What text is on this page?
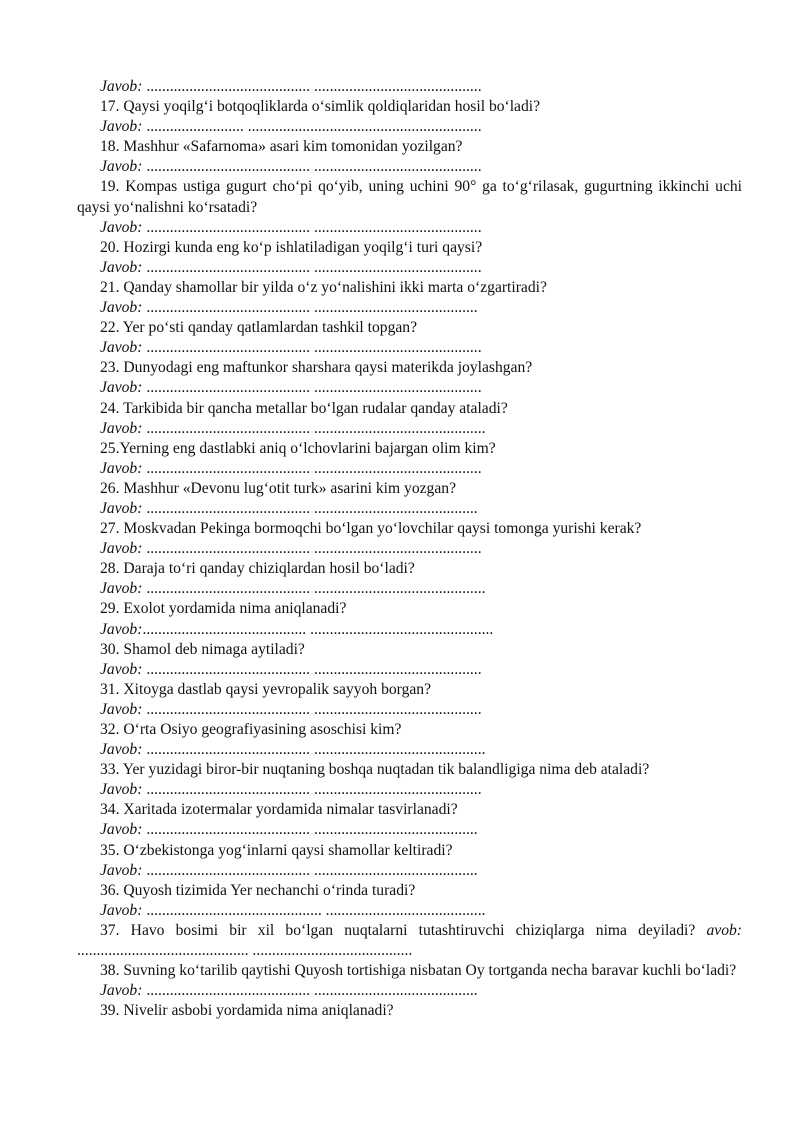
Javob: .......................................... ...........................................
17. Qaysi yoqilg‘i botqoqliklarda o‘simlik qoldiqlaridan hosil bo‘ladi?
Javob: ......................... ............................................................
18. Mashhur «Safarnoma» asari kim tomonidan yozilgan?
Javob: .......................................... ...........................................
19. Kompas ustiga gugurt cho‘pi qo‘yib, uning uchini 90° ga to‘g‘rilasak, gugurtning ikkinchi uchi qaysi yo‘nalishni ko‘rsatadi?
Javob: .......................................... ...........................................
20. Hozirgi kunda eng ko‘p ishlatiladigan yoqilg‘i turi qaysi?
Javob: .......................................... ...........................................
21. Qanday shamollar bir yilda o‘z yo‘nalishini ikki marta o‘zgartiradi?
Javob: .......................................... ..........................................
22. Yer po‘sti qanday qatlamlardan tashkil topgan?
Javob: .......................................... ...........................................
23. Dunyodagi eng maftunkor sharshara qaysi materikda joylashgan?
Javob: .......................................... ...........................................
24. Tarkibida bir qancha metallar bo‘lgan rudalar qanday ataladi?
Javob: .......................................... ............................................
25.Yerning eng dastlabki aniq o‘lchovlarini bajargan olim kim?
Javob: .......................................... ...........................................
26. Mashhur «Devonu lug‘otit turk» asarini kim yozgan?
Javob: .......................................... ..........................................
27. Moskvadan Pekinga bormoqchi bo‘lgan yo‘lovchilar qaysi tomonga yurishi kerak?
Javob: .......................................... ...........................................
28. Daraja to‘ri qanday chiziqlardan hosil bo‘ladi?
Javob: .......................................... ............................................
29. Exolot yordamida nima aniqlanadi?
Javob:.......................................... ...............................................
30. Shamol deb nimaga aytiladi?
Javob: .......................................... ...........................................
31. Xitoyga dastlab qaysi yevropalik sayyoh borgan?
Javob: .......................................... ...........................................
32. O‘rta Osiyo geografiyasining asoschisi kim?
Javob: .......................................... ............................................
33. Yer yuzidagi biror-bir nuqtaning boshqa nuqtadan tik balandligiga nima deb ataladi?
Javob: .......................................... ...........................................
34. Xaritada izotermalar yordamida nimalar tasvirlanadi?
Javob: .......................................... ..........................................
35. O‘zbekistonga yog‘inlarni qaysi shamollar keltiradi?
Javob: .......................................... ..........................................
36. Quyosh tizimida Yer nechanchi o‘rinda turadi?
Javob: ............................................. .........................................
37. Havo bosimi bir xil bo‘lgan nuqtalarni tutashtiruvchi chiziqlarga nima deyiladi? avob: ............................................ .........................................
38. Suvning ko‘tarilib qaytishi Quyosh tortishiga nisbatan Oy tortganda necha baravar kuchli bo‘ladi?
Javob: .......................................... ..........................................
39. Nivelir asbobi yordamida nima aniqlanadi?
